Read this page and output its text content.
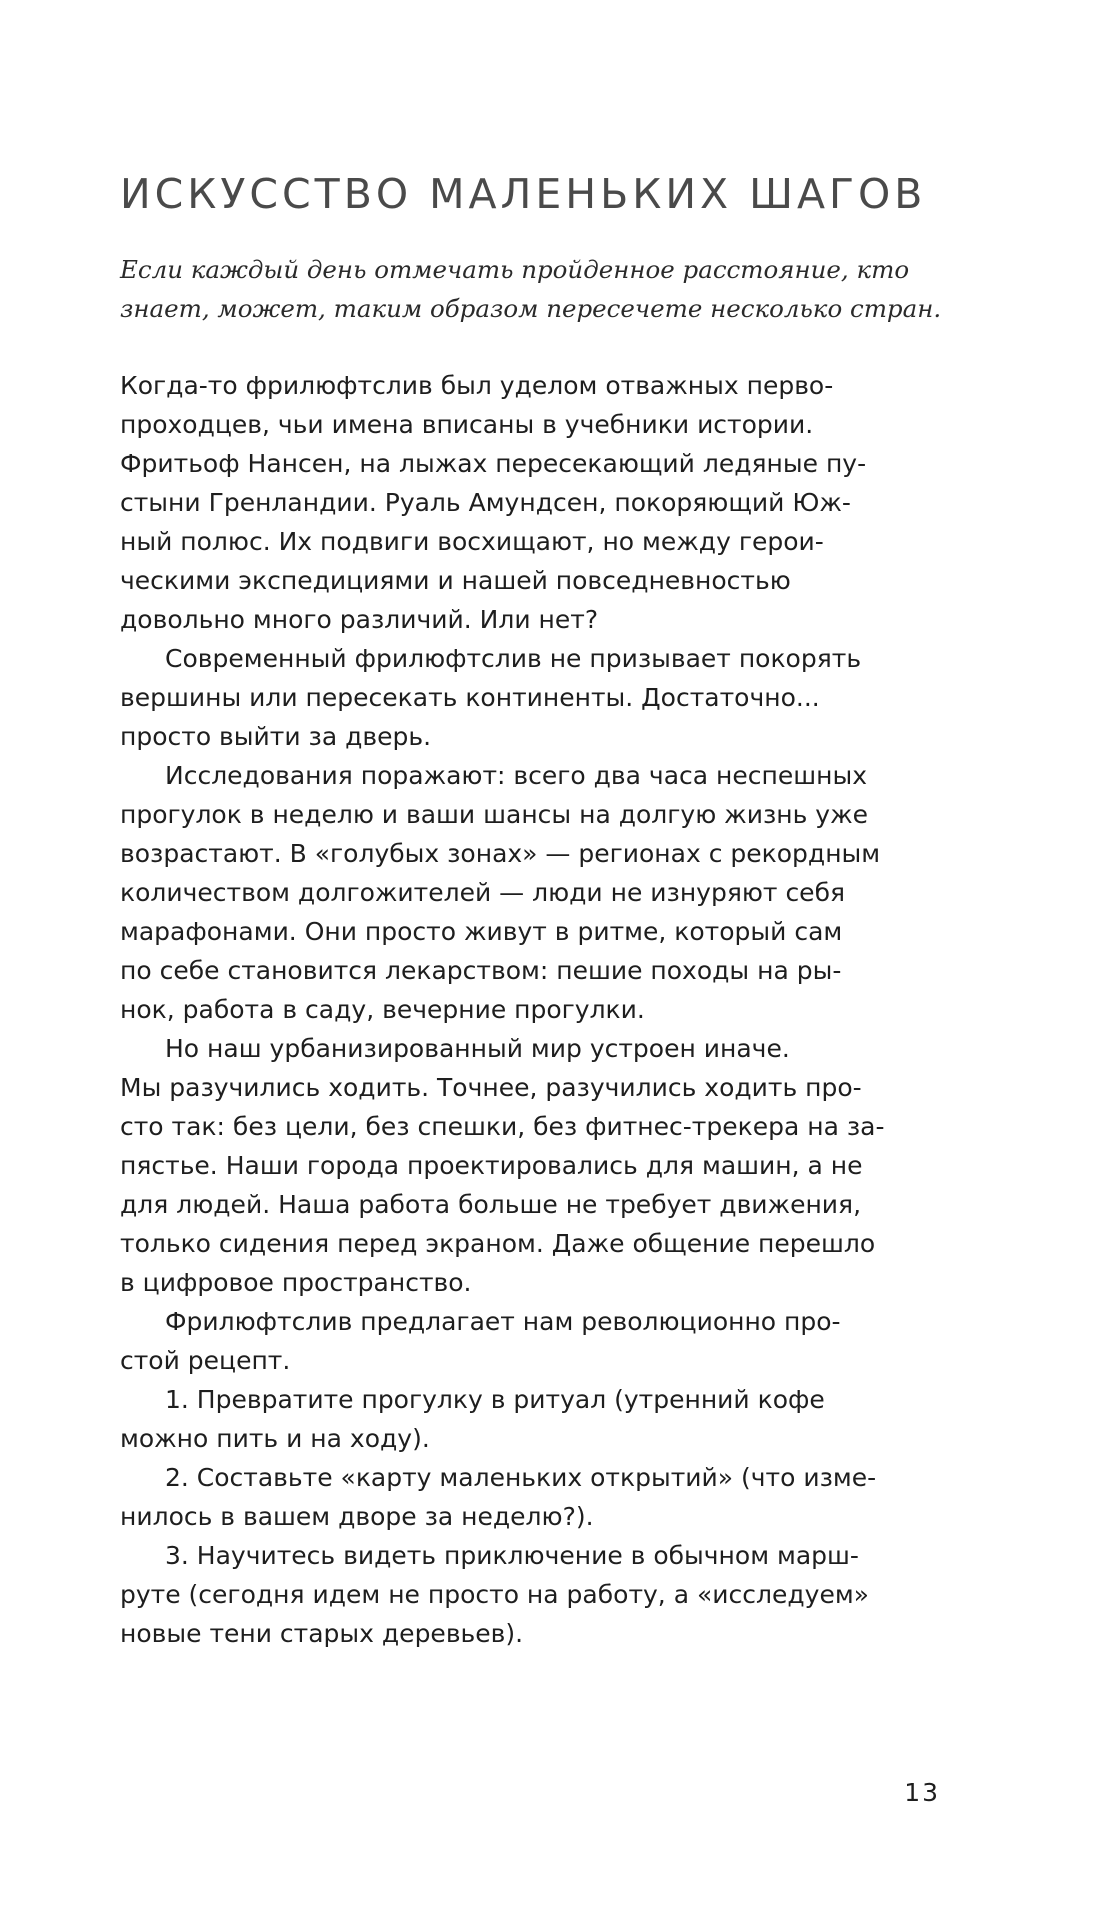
ИСКУССТВО МАЛЕНЬКИХ ШАГОВ
Если каждый день отмечать пройденное расстояние, кто
знает, может, таким образом пересечете несколько стран.
Когда-то фрилюфтслив был уделом отважных перво-
проходцев, чьи имена вписаны в учебники истории.
Фритьоф Нансен, на лыжах пересекающий ледяные пу-
стыни Гренландии. Руаль Амундсен, покоряющий Юж-
ный полюс. Их подвиги восхищают, но между герои-
ческими экспедициями и нашей повседневностью
довольно много различий. Или нет?
Современный фрилюфтслив не призывает покорять
вершины или пересекать континенты. Достаточно...
просто выйти за дверь.
Исследования поражают: всего два часа неспешных
прогулок в неделю и ваши шансы на долгую жизнь уже
возрастают. В «голубых зонах» — регионах с рекордным
количеством долгожителей — люди не изнуряют себя
марафонами. Они просто живут в ритме, который сам
по себе становится лекарством: пешие походы на ры-
нок, работа в саду, вечерние прогулки.
Но наш урбанизированный мир устроен иначе.
Мы разучились ходить. Точнее, разучились ходить про-
сто так: без цели, без спешки, без фитнес-трекера на за-
пястье. Наши города проектировались для машин, а не
для людей. Наша работа больше не требует движения,
только сидения перед экраном. Даже общение перешло
в цифровое пространство.
Фрилюфтслив предлагает нам революционно про-
стой рецепт.
1. Превратите прогулку в ритуал (утренний кофе
можно пить и на ходу).
2. Составьте «карту маленьких открытий» (что изме-
нилось в вашем дворе за неделю?).
3. Научитесь видеть приключение в обычном марш-
руте (сегодня идем не просто на работу, а «исследуем»
новые тени старых деревьев).
13
